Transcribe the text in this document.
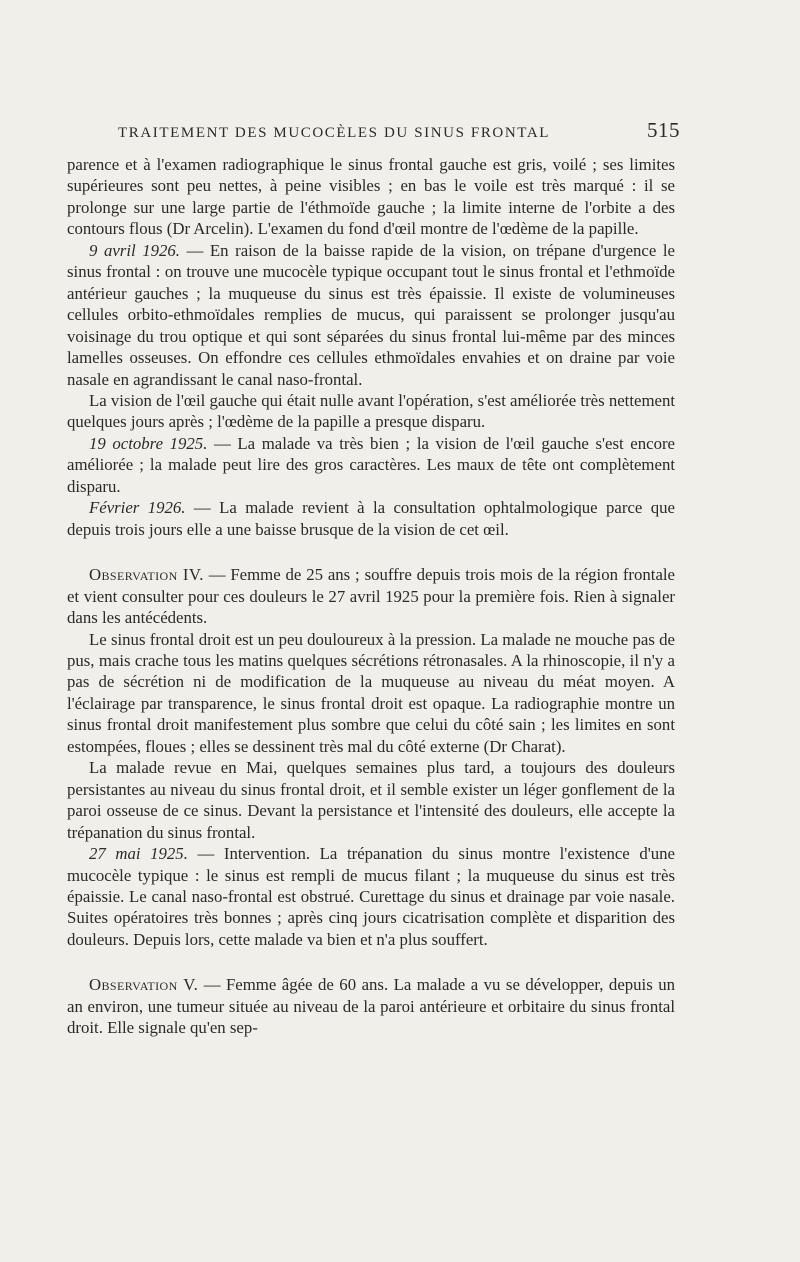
TRAITEMENT DES MUCOCÈLES DU SINUS FRONTAL	515

parence et à l'examen radiographique le sinus frontal gauche est gris, voilé ; ses limites supérieures sont peu nettes, à peine visibles ; en bas le voile est très marqué : il se prolonge sur une large partie de l'éthmoïde gauche ; la limite interne de l'orbite a des contours flous (Dr Arcelin). L'examen du fond d'œil montre de l'œdème de la papille.

9 avril 1926. — En raison de la baisse rapide de la vision, on trépane d'urgence le sinus frontal : on trouve une mucocèle typique occupant tout le sinus frontal et l'ethmoïde antérieur gauches ; la muqueuse du sinus est très épaissie. Il existe de volumineuses cellules orbito-ethmoïdales remplies de mucus, qui paraissent se prolonger jusqu'au voisinage du trou optique et qui sont séparées du sinus frontal lui-même par des minces lamelles osseuses. On effondre ces cellules ethmoïdales envahies et on draine par voie nasale en agrandissant le canal naso-frontal.

La vision de l'œil gauche qui était nulle avant l'opération, s'est améliorée très nettement quelques jours après ; l'œdème de la papille a presque disparu.

19 octobre 1925. — La malade va très bien ; la vision de l'œil gauche s'est encore améliorée ; la malade peut lire des gros caractères. Les maux de tête ont complètement disparu.

Février 1926. — La malade revient à la consultation ophtalmologique parce que depuis trois jours elle a une baisse brusque de la vision de cet œil.

Observation IV. — Femme de 25 ans ; souffre depuis trois mois de la région frontale et vient consulter pour ces douleurs le 27 avril 1925 pour la première fois. Rien à signaler dans les antécédents.

Le sinus frontal droit est un peu douloureux à la pression. La malade ne mouche pas de pus, mais crache tous les matins quelques sécrétions rétronasales. A la rhinoscopie, il n'y a pas de sécrétion ni de modification de la muqueuse au niveau du méat moyen. A l'éclairage par transparence, le sinus frontal droit est opaque. La radiographie montre un sinus frontal droit manifestement plus sombre que celui du côté sain ; les limites en sont estompées, floues ; elles se dessinent très mal du côté externe (Dr Charat).

La malade revue en Mai, quelques semaines plus tard, a toujours des douleurs persistantes au niveau du sinus frontal droit, et il semble exister un léger gonflement de la paroi osseuse de ce sinus. Devant la persistance et l'intensité des douleurs, elle accepte la trépanation du sinus frontal.

27 mai 1925. — Intervention. La trépanation du sinus montre l'existence d'une mucocèle typique : le sinus est rempli de mucus filant ; la muqueuse du sinus est très épaissie. Le canal naso-frontal est obstrué. Curettage du sinus et drainage par voie nasale. Suites opératoires très bonnes ; après cinq jours cicatrisation complète et disparition des douleurs. Depuis lors, cette malade va bien et n'a plus souffert.

Observation V. — Femme âgée de 60 ans. La malade a vu se développer, depuis un an environ, une tumeur située au niveau de la paroi antérieure et orbitaire du sinus frontal droit. Elle signale qu'en sep-
